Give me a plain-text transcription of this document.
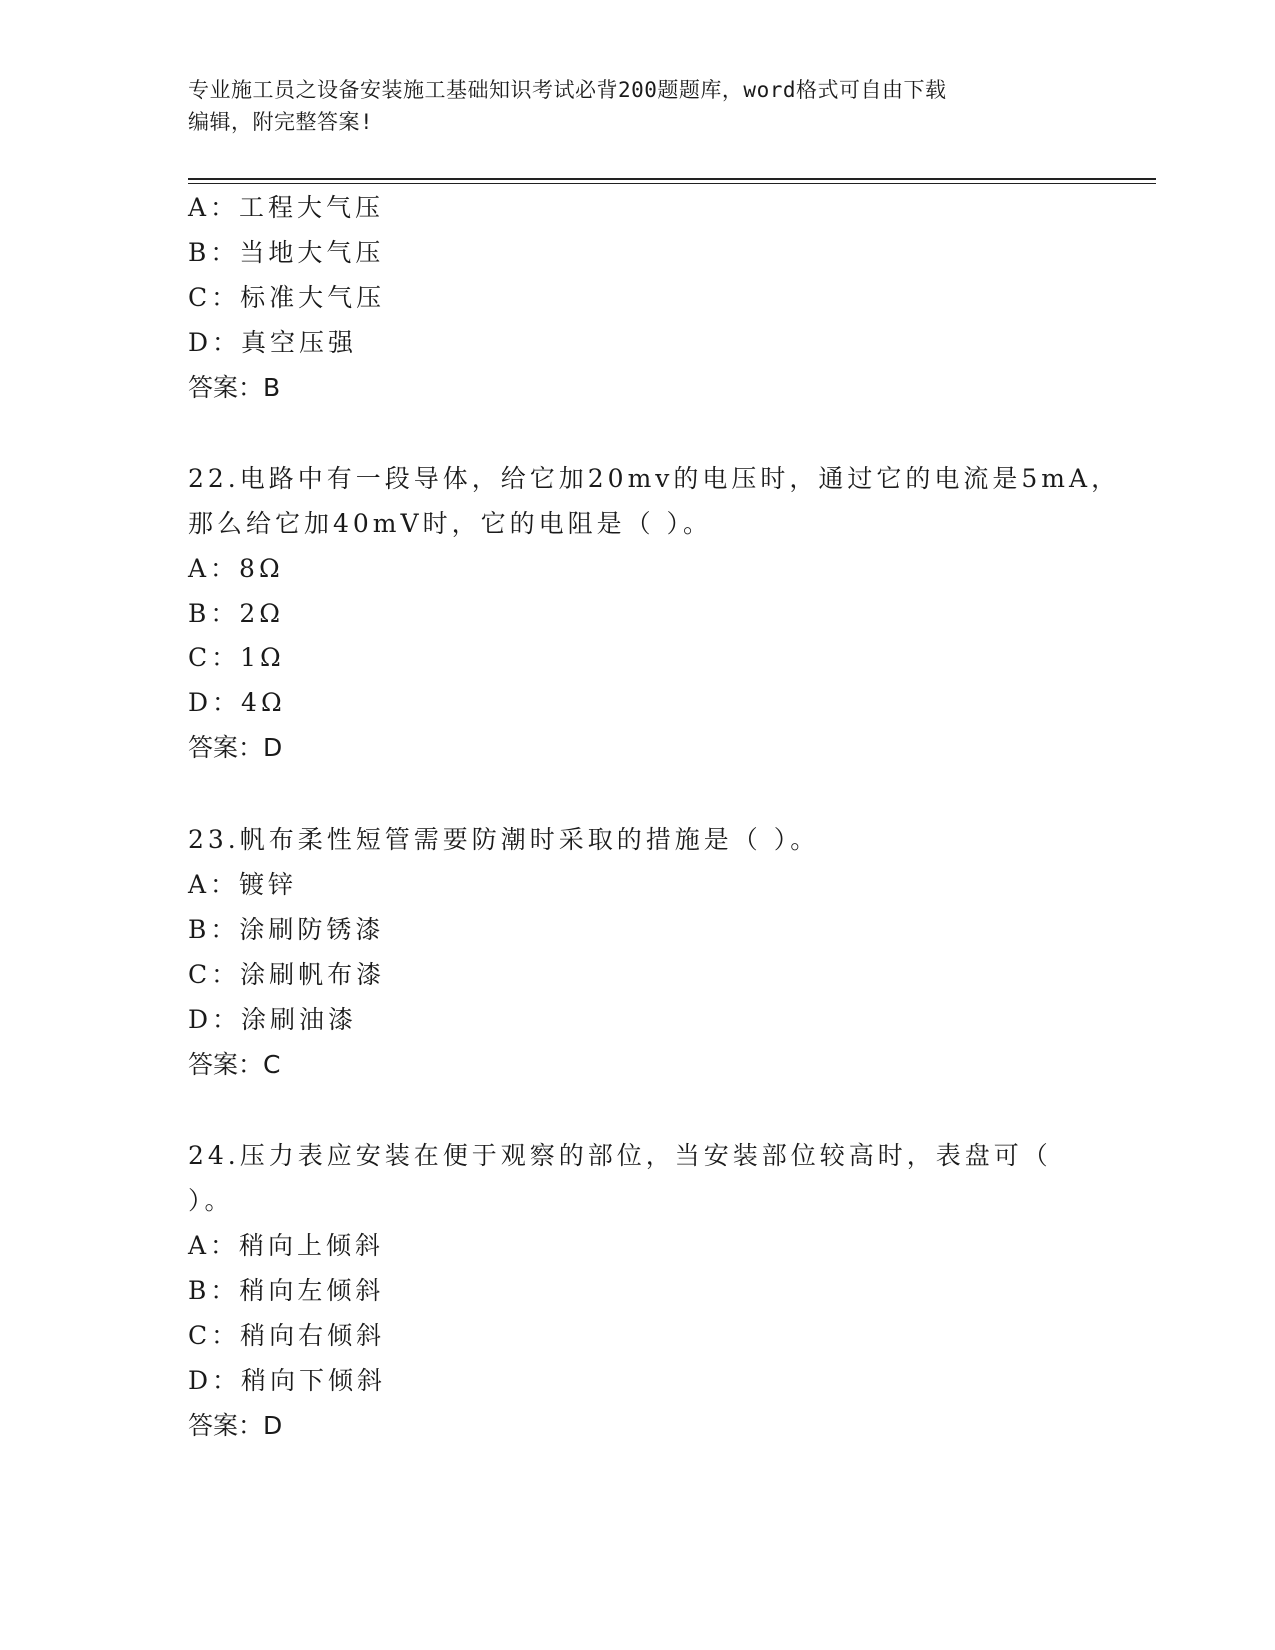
专业施工员之设备安装施工基础知识考试必背200题题库，word格式可自由下载
编辑，附完整答案!
A：工程大气压
B：当地大气压
C：标准大气压
D：真空压强
答案：B
22.电路中有一段导体，给它加20mv的电压时，通过它的电流是5mA，
那么给它加40mV时，它的电阻是（ ）。
A：8Ω
B：2Ω
C：1Ω
D：4Ω
答案：D
23.帆布柔性短管需要防潮时采取的措施是（ ）。
A：镀锌
B：涂刷防锈漆
C：涂刷帆布漆
D：涂刷油漆
答案：C
24.压力表应安装在便于观察的部位，当安装部位较高时，表盘可（
）。
A：稍向上倾斜
B：稍向左倾斜
C：稍向右倾斜
D：稍向下倾斜
答案：D
